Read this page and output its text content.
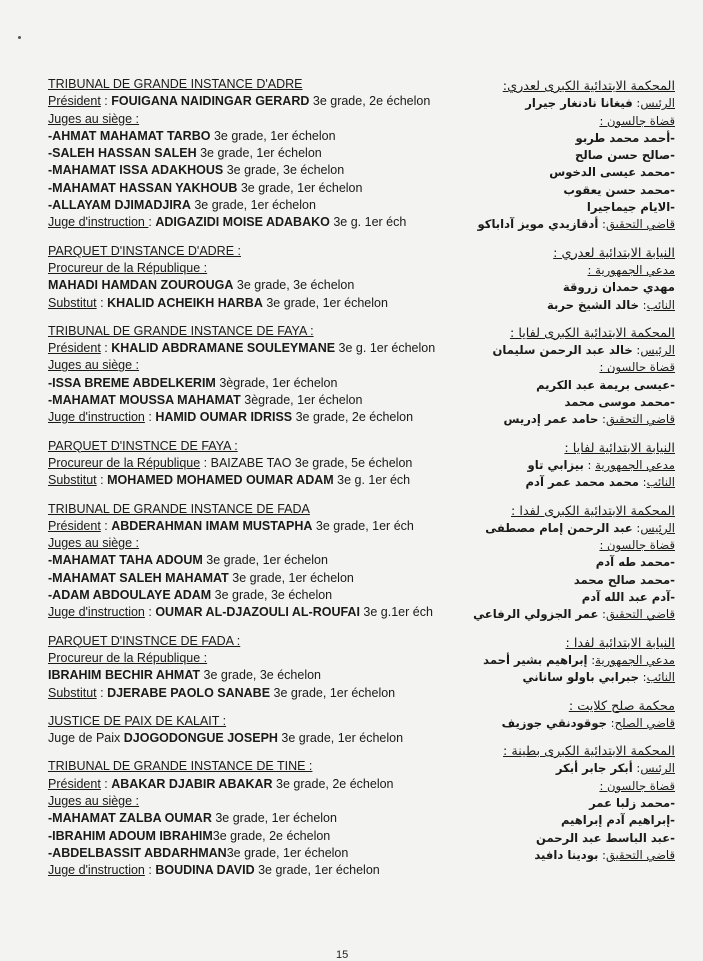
TRIBUNAL DE GRANDE INSTANCE D'ADRE
Président : FOUIGANA NAIDINGAR GERARD 3e grade, 2e échelon
Juges au siège :
-AHMAT MAHAMAT TARBO 3e grade, 1er échelon
-SALEH HASSAN SALEH 3e grade, 1er échelon
-MAHAMAT ISSA ADAKHOUS 3e grade, 3e échelon
-MAHAMAT HASSAN YAKHOUB 3e grade, 1er échelon
-ALLAYAM DJIMADJIRA 3e grade, 1er échelon
Juge d'instruction : ADIGAZIDI MOISE ADABAKO 3e g. 1er éch
PARQUET D'INSTANCE D'ADRE :
Procureur de la République :
MAHADI HAMDAN ZOUROUGA 3e grade, 3e échelon
Substitut : KHALID ACHEIKH HARBA 3e grade, 1er échelon
TRIBUNAL DE GRANDE INSTANCE DE FAYA :
Président : KHALID ABDRAMANE SOULEYMANE 3e g. 1er échelon
Juges au siège :
-ISSA BREME ABDELKERIM 3ègrade, 1er échelon
-MAHAMAT MOUSSA MAHAMAT 3ègrade, 1er échelon
Juge d'instruction : HAMID OUMAR IDRISS 3e grade, 2e échelon
PARQUET D'INSTNCE DE FAYA :
Procureur de la République : BAIZABE TAO 3e grade, 5e échelon
Substitut : MOHAMED MOHAMED OUMAR ADAM 3e g. 1er éch
TRIBUNAL DE GRANDE INSTANCE DE FADA
Président : ABDERAHMAN IMAM MUSTAPHA 3e grade, 1er éch
Juges au siège :
-MAHAMAT TAHA ADOUM 3e grade, 1er échelon
-MAHAMAT SALEH MAHAMAT 3e grade, 1er échelon
-ADAM ABDOULAYE ADAM 3e grade, 3e échelon
Juge d'instruction : OUMAR AL-DJAZOULI AL-ROUFAI 3e g.1er éch
PARQUET D'INSTNCE DE FADA :
Procureur de la République :
IBRAHIM BECHIR AHMAT 3e grade, 3e échelon
Substitut : DJERABE PAOLO SANABE 3e grade, 1er échelon
JUSTICE DE PAIX DE KALAIT :
Juge de Paix DJOGODONGUE JOSEPH 3e grade, 1er échelon
TRIBUNAL DE GRANDE INSTANCE DE TINE :
Président : ABAKAR DJABIR ABAKAR 3e grade, 2e échelon
Juges au siège :
-MAHAMAT ZALBA OUMAR 3e grade, 1er échelon
-IBRAHIM ADOUM IBRAHIM3e grade, 2e échelon
-ABDELBASSIT ABDARHMAN3e grade, 1er échelon
Juge d'instruction : BOUDINA DAVID 3e grade, 1er échelon
المحكمة الابتدائية الكبرى لعدري:
الرئيس: فيغانا نادنغار جيرار
قضاة جالسون :
-أحمد محمد طربو
-صالح حسن صالح
-محمد عيسى الدخوس
-محمد حسن يعقوب
-الايام جيماجيرا
قاضي التحقيق: أدقازيدي مويز آداباكو
النيابة الابتدائية لعدري :
مدعي الجمهورية :
مهدي حمدان زروقة
النائب: خالد الشيخ حربة
المحكمة الابتدائية الكبرى لفايا :
الرئيس: خالد عبد الرحمن سليمان
قضاة جالسون :
-عيسى بريمة عبد الكريم
-محمد موسى محمد
قاضي التحقيق: حامد عمر إدريس
النيابة الابتدائية لفايا :
مدعي الجمهورية : بيزابي تاو
النائب: محمد محمد عمر آدم
المحكمة الابتدائية الكبرى لفدا :
الرئيس: عبد الرحمن إمام مصطفى
قضاة جالسون :
-محمد طه آدم
-محمد صالح محمد
-آدم عبد الله آدم
قاضي التحقيق: عمر الجزولي الرفاعي
النيابة الابتدائية لفدا :
مدعي الجمهورية: إبراهيم بشير أحمد
النائب: جبرابي باولو ساناني
محكمة صلح كلايت :
قاضي الصلح: جوقودنقي جوزيف
المحكمة الابتدائية الكبرى بطينة :
الرئيس: أبكر جابر أبكر
قضاة جالسون :
-محمد زلبا عمر
-إبراهيم آدم إبراهيم
-عبد الباسط عبد الرحمن
قاضي التحقيق: بودينا دافيد
15
